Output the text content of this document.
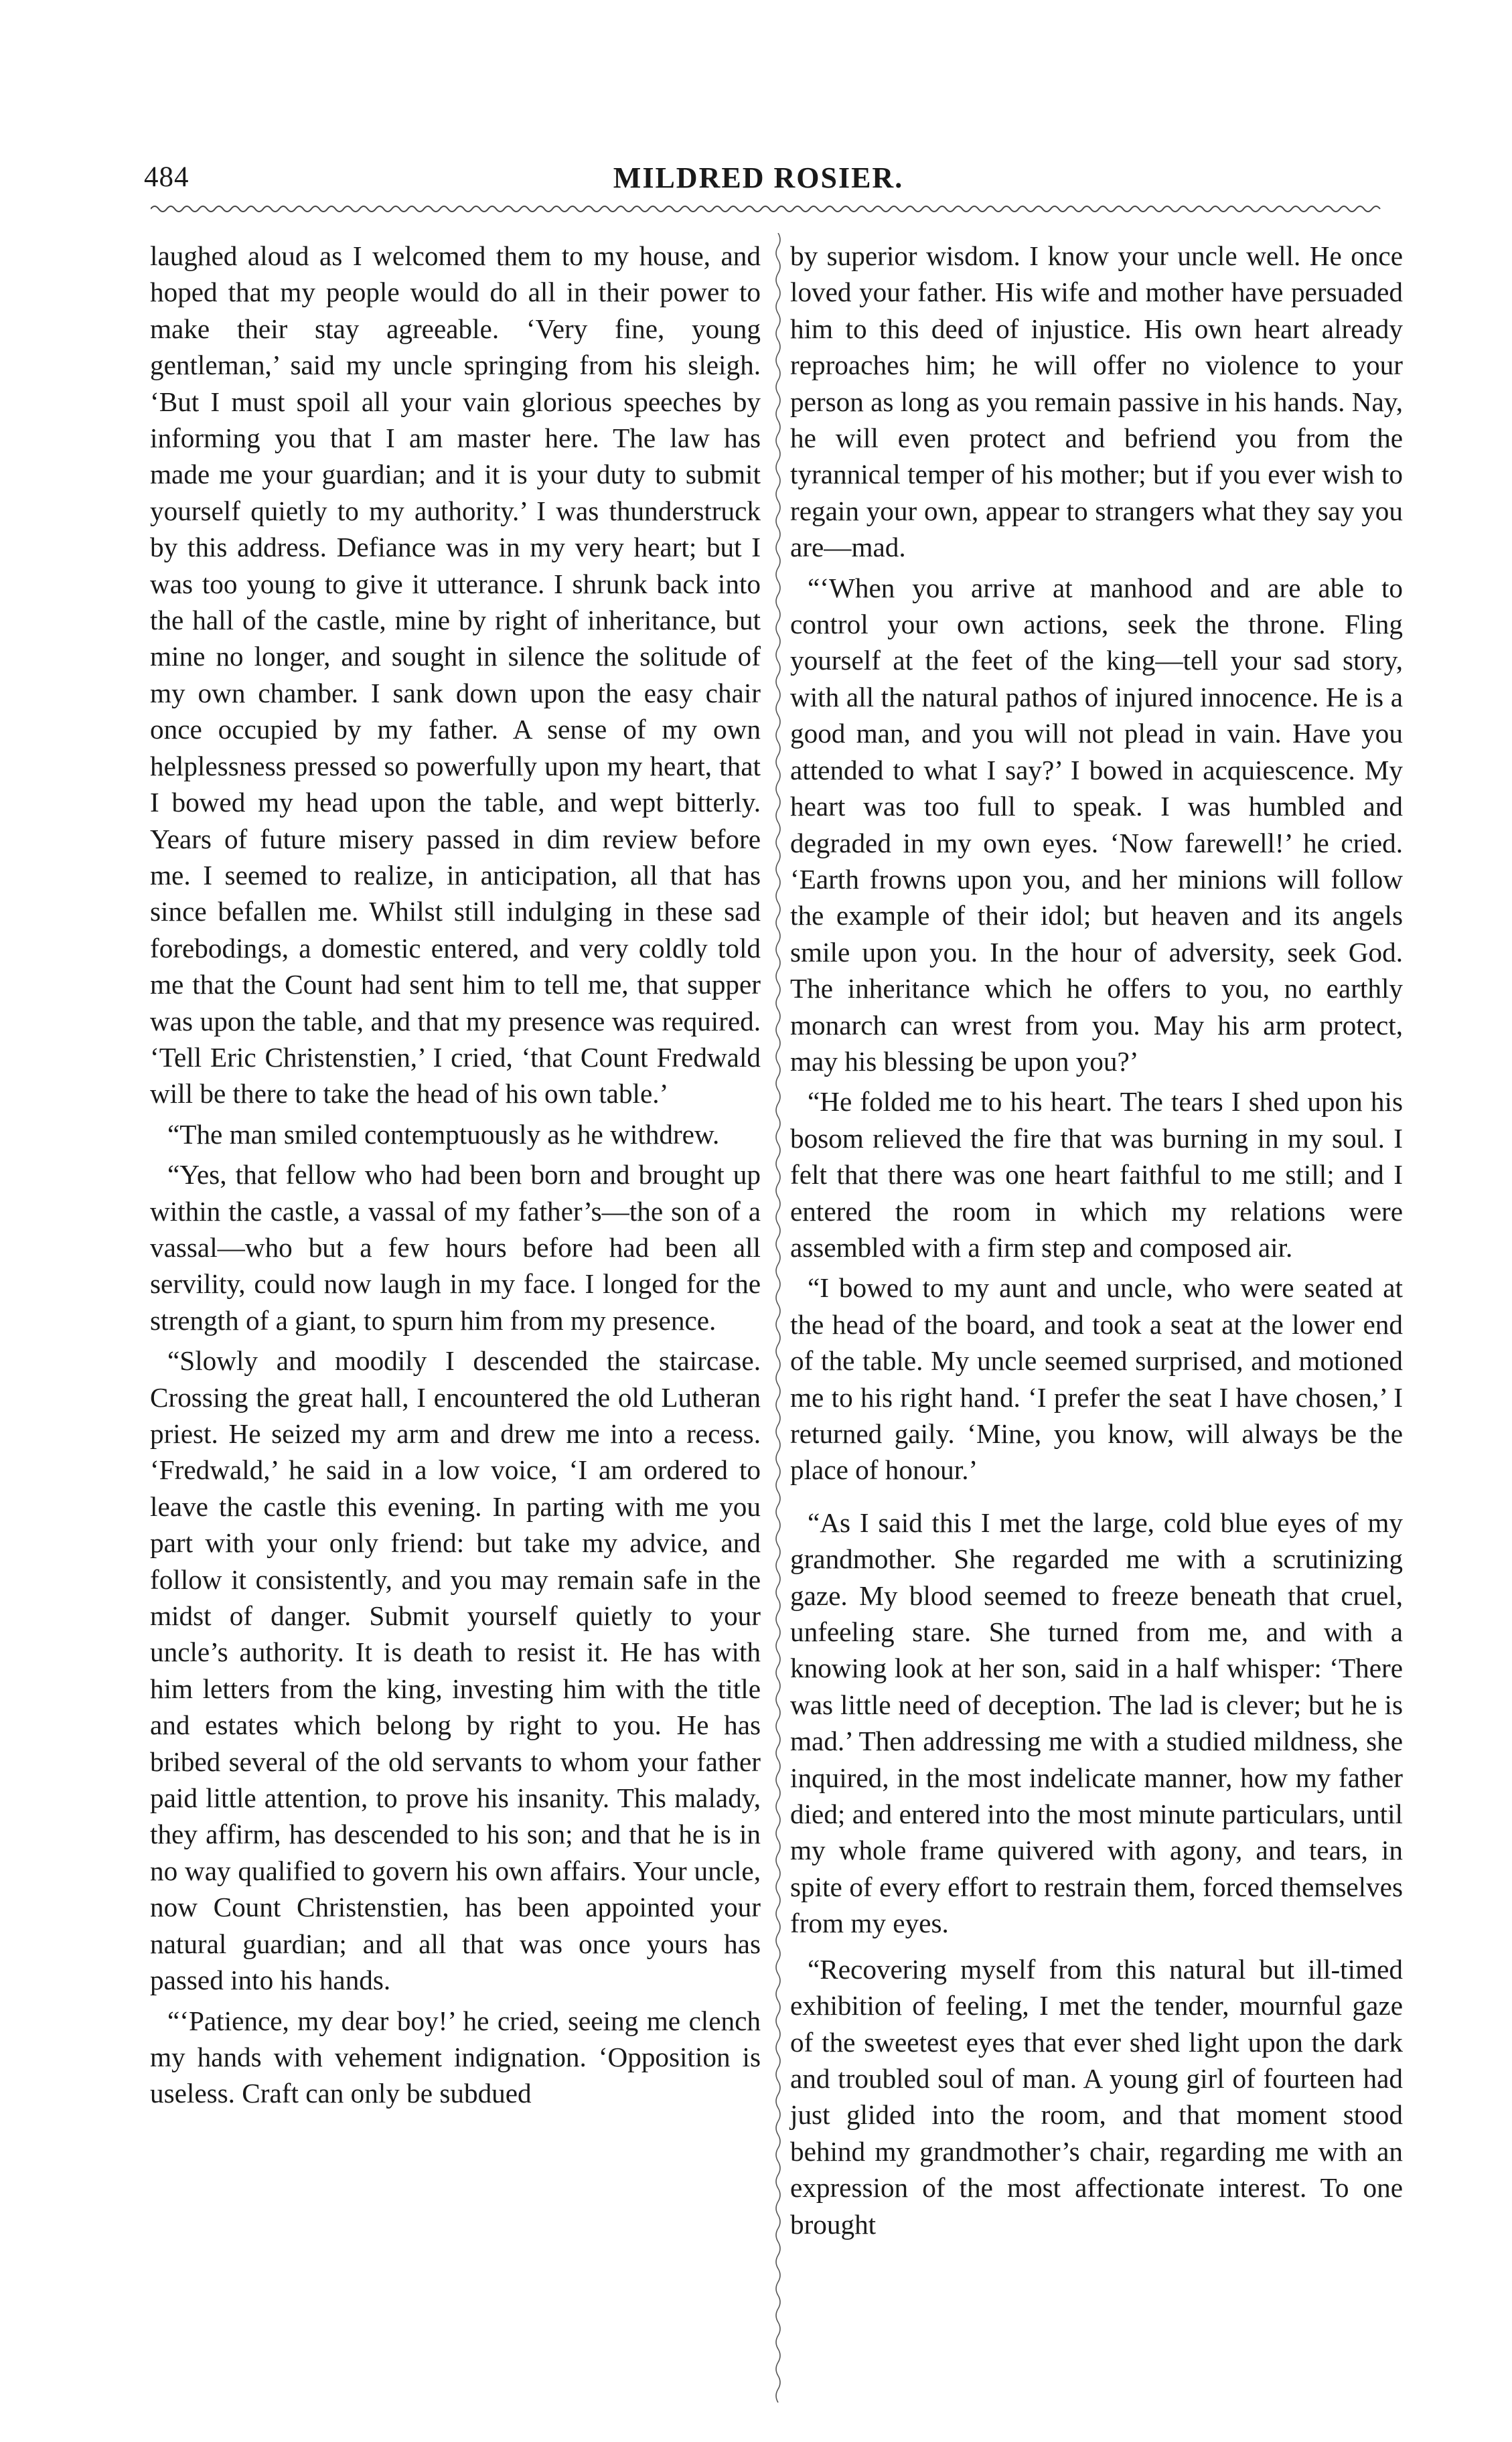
484	MILDRED ROSIER.

laughed aloud as I welcomed them to my house, and hoped that my people would do all in their power to make their stay agreeable. ‘Very fine, young gentleman,’ said my uncle springing from his sleigh. ‘But I must spoil all your vain glorious speeches by informing you that I am master here. The law has made me your guardian; and it is your duty to submit yourself quietly to my authority.’ I was thunderstruck by this address. Defiance was in my very heart; but I was too young to give it utterance. I shrunk back into the hall of the castle, mine by right of inheritance, but mine no longer, and sought in silence the solitude of my own chamber. I sank down upon the easy chair once occupied by my father. A sense of my own helplessness pressed so powerfully upon my heart, that I bowed my head upon the table, and wept bitterly. Years of future misery passed in dim review before me. I seemed to realize, in anticipation, all that has since befallen me. Whilst still indulging in these sad forebodings, a domestic entered, and very coldly told me that the Count had sent him to tell me, that supper was upon the table, and that my presence was required. ‘Tell Eric Christenstien,’ I cried, ‘that Count Fredwald will be there to take the head of his own table.’

“The man smiled contemptuously as he withdrew.

“Yes, that fellow who had been born and brought up within the castle, a vassal of my father’s—the son of a vassal—who but a few hours before had been all servility, could now laugh in my face. I longed for the strength of a giant, to spurn him from my presence.

“Slowly and moodily I descended the staircase. Crossing the great hall, I encountered the old Lutheran priest. He seized my arm and drew me into a recess. ‘Fredwald,’ he said in a low voice, ‘I am ordered to leave the castle this evening. In parting with me you part with your only friend: but take my advice, and follow it consistently, and you may remain safe in the midst of danger. Submit yourself quietly to your uncle’s authority. It is death to resist it. He has with him letters from the king, investing him with the title and estates which belong by right to you. He has bribed several of the old servants to whom your father paid little attention, to prove his insanity. This malady, they affirm, has descended to his son; and that he is in no way qualified to govern his own affairs. Your uncle, now Count Christenstien, has been appointed your natural guardian; and all that was once yours has passed into his hands.

“‘Patience, my dear boy!’ he cried, seeing me clench my hands with vehement indignation. ‘Opposition is useless. Craft can only be subdued

by superior wisdom. I know your uncle well. He once loved your father. His wife and mother have persuaded him to this deed of injustice. His own heart already reproaches him; he will offer no violence to your person as long as you remain passive in his hands. Nay, he will even protect and befriend you from the tyrannical temper of his mother; but if you ever wish to regain your own, appear to strangers what they say you are—mad.

“‘When you arrive at manhood and are able to control your own actions, seek the throne. Fling yourself at the feet of the king—tell your sad story, with all the natural pathos of injured innocence. He is a good man, and you will not plead in vain. Have you attended to what I say?’ I bowed in acquiescence. My heart was too full to speak. I was humbled and degraded in my own eyes. ‘Now farewell!’ he cried. ‘Earth frowns upon you, and her minions will follow the example of their idol; but heaven and its angels smile upon you. In the hour of adversity, seek God. The inheritance which he offers to you, no earthly monarch can wrest from you. May his arm protect, may his blessing be upon you?’

“He folded me to his heart. The tears I shed upon his bosom relieved the fire that was burning in my soul. I felt that there was one heart faithful to me still; and I entered the room in which my relations were assembled with a firm step and composed air.

“I bowed to my aunt and uncle, who were seated at the head of the board, and took a seat at the lower end of the table. My uncle seemed surprised, and motioned me to his right hand. ‘I prefer the seat I have chosen,’ I returned gaily. ‘Mine, you know, will always be the place of honour.’

“As I said this I met the large, cold blue eyes of my grandmother. She regarded me with a scrutinizing gaze. My blood seemed to freeze beneath that cruel, unfeeling stare. She turned from me, and with a knowing look at her son, said in a half whisper: ‘There was little need of deception. The lad is clever; but he is mad.’ Then addressing me with a studied mildness, she inquired, in the most indelicate manner, how my father died; and entered into the most minute particulars, until my whole frame quivered with agony, and tears, in spite of every effort to restrain them, forced themselves from my eyes.

“Recovering myself from this natural but ill-timed exhibition of feeling, I met the tender, mournful gaze of the sweetest eyes that ever shed light upon the dark and troubled soul of man. A young girl of fourteen had just glided into the room, and that moment stood behind my grandmother’s chair, regarding me with an expression of the most affectionate interest. To one brought
